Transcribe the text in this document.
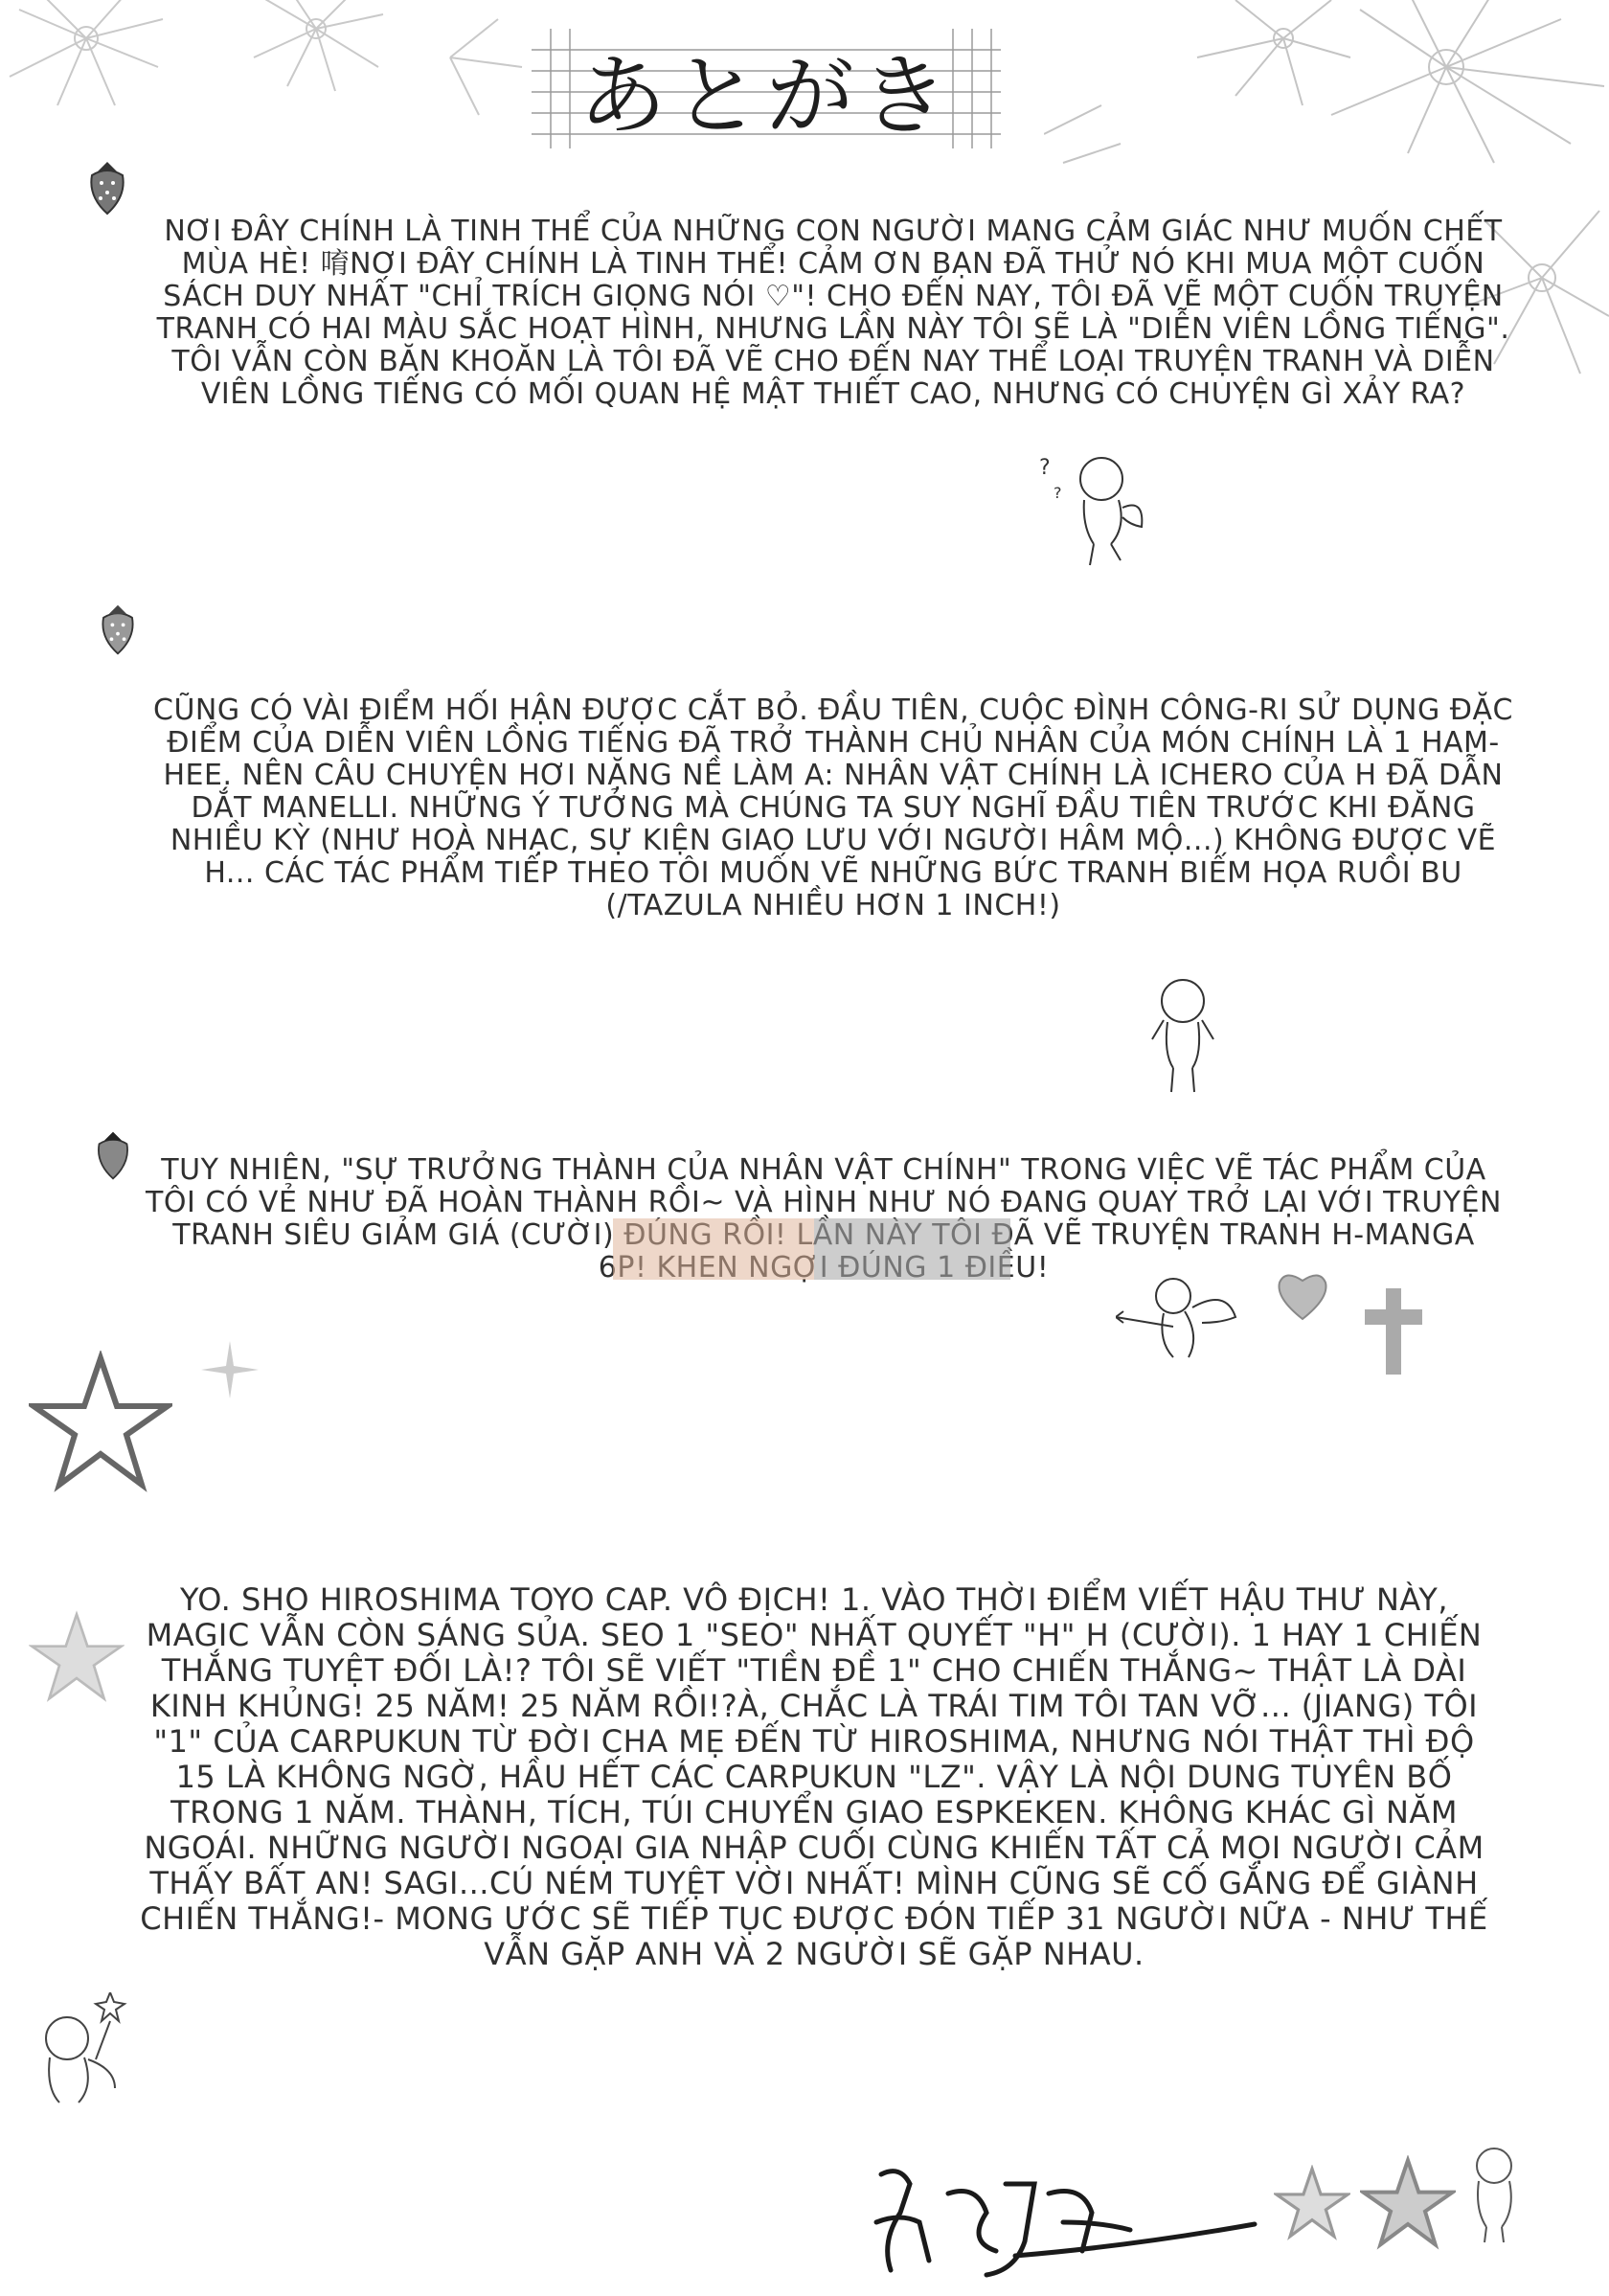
あとがき
NƠI ĐÂY CHÍNH LÀ TINH THỂ CỦA NHỮNG CON NGƯỜI MANG CẢM GIÁC NHƯ MUỐN CHẾT MÙA HÈ! 唷NƠI ĐÂY CHÍNH LÀ TINH THỂ! CẢM ƠN BẠN ĐÃ THỬ NÓ KHI MUA MỘT CUỐN SÁCH DUY NHẤT "CHỈ TRÍCH GIỌNG NÓI ♡"! CHO ĐẾN NAY, TÔI ĐÃ VẼ MỘT CUỐN TRUYỆN TRANH CÓ HAI MÀU SẮC HOẠT HÌNH, NHƯNG LẦN NÀY TÔI SẼ LÀ "DIỄN VIÊN LỒNG TIẾNG". TÔI VẪN CÒN BĂN KHOĂN LÀ TÔI ĐÃ VẼ CHO ĐẾN NAY THỂ LOẠI TRUYỆN TRANH VÀ DIỄN VIÊN LỒNG TIẾNG CÓ MỐI QUAN HỆ MẬT THIẾT CAO, NHƯNG CÓ CHUYỆN GÌ XẢY RA?
CŨNG CÓ VÀI ĐIỂM HỐI HẬN ĐƯỢC CẮT BỎ. ĐẦU TIÊN, CUỘC ĐÌNH CÔNG-RI SỬ DỤNG ĐẶC ĐIỂM CỦA DIỄN VIÊN LỒNG TIẾNG ĐÃ TRỞ THÀNH CHỦ NHÂN CỦA MÓN CHÍNH LÀ 1 HAM-HEE. NÊN CÂU CHUYỆN HƠI NẶNG NỀ LÀM A: NHÂN VẬT CHÍNH LÀ ICHERO CỦA H ĐÃ DẪN DẮT MANELLI. NHỮNG Ý TƯỞNG MÀ CHÚNG TA SUY NGHĨ ĐẦU TIÊN TRƯỚC KHI ĐĂNG NHIỀU KỲ (NHƯ HOÀ NHẠC, SỰ KIỆN GIAO LƯU VỚI NGƯỜI HÂM MỘ...) KHÔNG ĐƯỢC VẼ H... CÁC TÁC PHẨM TIẾP THEO TÔI MUỐN VẼ NHỮNG BỨC TRANH BIẾM HỌA RUỒI BU (/TAZULA NHIỀU HƠN 1 INCH!)
TUY NHIÊN, "SỰ TRƯỞNG THÀNH CỦA NHÂN VẬT CHÍNH" TRONG VIỆC VẼ TÁC PHẨM CỦA TÔI CÓ VẺ NHƯ ĐÃ HOÀN THÀNH RỒI~ VÀ HÌNH NHƯ NÓ ĐANG QUAY TRỞ LẠI VỚI TRUYỆN TRANH SIÊU GIẢM GIÁ (CƯỜI) ĐÚNG RỒI! LẦN NÀY TÔI ĐÃ VẼ TRUYỆN TRANH H-MANGA 6P! KHEN NGỢI ĐÚNG 1 ĐIỀU!
YO. SHO HIROSHIMA TOYO CAP. VÔ ĐỊCH! 1. VÀO THỜI ĐIỂM VIẾT HẬU THƯ NÀY, MAGIC VẪN CÒN SÁNG SỦA. SEO 1 "SEO" NHẤT QUYẾT "H" H (CƯỜI). 1 HAY 1 CHIẾN THẮNG TUYỆT ĐỐI LÀ!? TÔI SẼ VIẾT "TIỀN ĐỀ 1" CHO CHIẾN THẮNG~ THẬT LÀ DÀI KINH KHỦNG! 25 NĂM! 25 NĂM RỒI!?À, CHẮC LÀ TRÁI TIM TÔI TAN VỠ... (JIANG) TÔI "1" CỦA CARPUKUN TỪ ĐỜI CHA MẸ ĐẾN TỪ HIROSHIMA, NHƯNG NÓI THẬT THÌ ĐỘ 15 LÀ KHÔNG NGỜ, HẦU HẾT CÁC CARPUKUN "LZ". VẬY LÀ NỘI DUNG TUYÊN BỐ TRONG 1 NĂM. THÀNH, TÍCH, TÚI CHUYỂN GIAO ESPKEKEN. KHÔNG KHÁC GÌ NĂM NGOÁI. NHỮNG NGƯỜI NGOẠI GIA NHẬP CUỐI CÙNG KHIẾN TẤT CẢ MỌI NGƯỜI CẢM THẤY BẤT AN! SAGI...CÚ NÉM TUYỆT VỜI NHẤT! MÌNH CŨNG SẼ CỐ GẮNG ĐỂ GIÀNH CHIẾN THẮNG!- MONG ƯỚC SẼ TIẾP TỤC ĐƯỢC ĐÓN TIẾP 31 NGƯỜI NỮA - NHƯ THẾ VẪN GẶP ANH VÀ 2 NGƯỜI SẼ GẶP NHAU.
?
?
